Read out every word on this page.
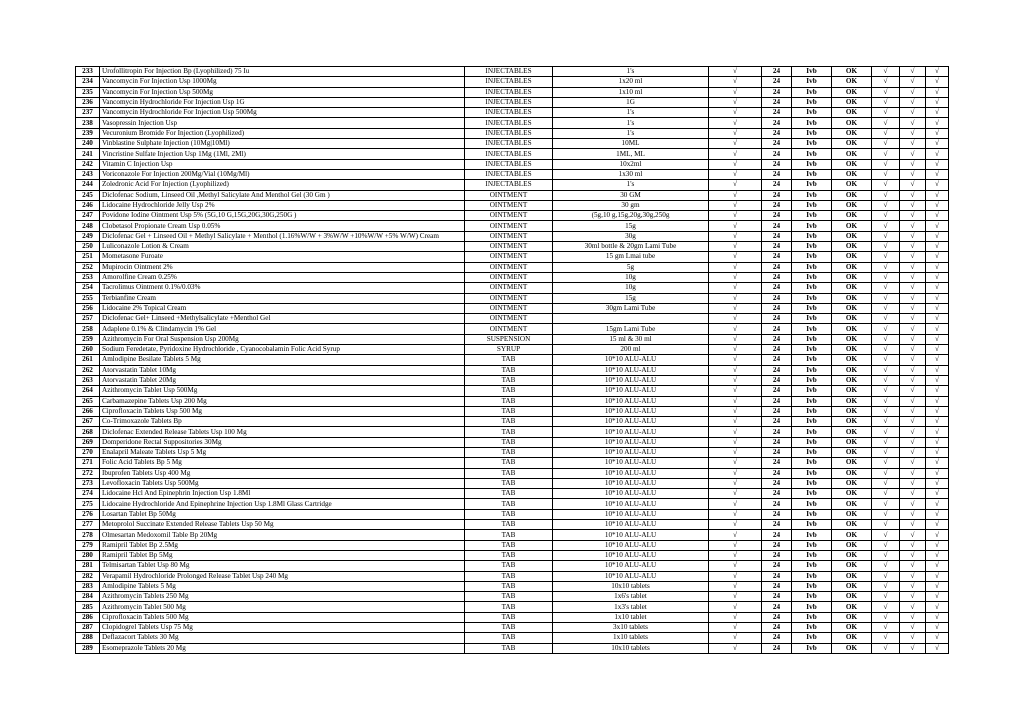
233	Urofollitropin For Injection Bp (Lyophilized) 75 Iu	INJECTABLES	1's	√	24	Ivb	OK	√	√	√
234	Vancomycin For Injection Usp 1000Mg	INJECTABLES	1x20 ml	√	24	Ivb	OK	√	√	√
235	Vancomycin For Injection Usp 500Mg	INJECTABLES	1x10 ml	√	24	Ivb	OK	√	√	√
236	Vancomycin Hydrochloride For Injection Usp 1G	INJECTABLES	1G	√	24	Ivb	OK	√	√	√
237	Vancomycin Hydrochloride For Injection Usp 500Mg	INJECTABLES	1's	√	24	Ivb	OK	√	√	√
238	Vasopressin Injection Usp	INJECTABLES	1's	√	24	Ivb	OK	√	√	√
239	Vecuronium Bromide For Injection (Lyophilized)	INJECTABLES	1's	√	24	Ivb	OK	√	√	√
240	Vinblastine Sulphate Injection (10Mg|10Ml)	INJECTABLES	10ML	√	24	Ivb	OK	√	√	√
241	Vincristine Sulfate Injection Usp 1Mg (1Ml, 2Ml)	INJECTABLES	1ML, ML	√	24	Ivb	OK	√	√	√
242	Vitamin C Injection Usp	INJECTABLES	10x2ml	√	24	Ivb	OK	√	√	√
243	Voriconazole For Injection 200Mg/Vial (10Mg/Ml)	INJECTABLES	1x30 ml	√	24	Ivb	OK	√	√	√
244	Zoledronic Acid For Injection (Lyophilized)	INJECTABLES	1's	√	24	Ivb	OK	√	√	√
245	Diclofenac Sodium, Linseed Oil ,Methyl Salicylate And Menthol Gel (30 Gm )	OINTMENT	30 GM	√	24	Ivb	OK	√	√	√
246	Lidocaine Hydrochloride Jelly Usp 2%	OINTMENT	30 gm	√	24	Ivb	OK	√	√	√
247	Povidone Iodine Ointment Usp 5% (5G,10 G,15G,20G,30G,250G )	OINTMENT	(5g,10 g,15g,20g,30g,250g	√	24	Ivb	OK	√	√	√
248	Clobetasol Propionate Cream Usp 0.05%	OINTMENT	15g	√	24	Ivb	OK	√	√	√
249	Diclofenac Gel + Linseed Oil + Methyl Salicylate + Menthol (1.16%W/W + 3%W/W +10%W/W +5% W/W) Cream	OINTMENT	30g	√	24	Ivb	OK	√	√	√
250	Luliconazole Lotion & Cream	OINTMENT	30ml bottle & 20gm Lami Tube	√	24	Ivb	OK	√	√	√
251	Mometasone Furoate	OINTMENT	15 gm Lmai tube	√	24	Ivb	OK	√	√	√
252	Mupirocin Ointment 2%	OINTMENT	5g	√	24	Ivb	OK	√	√	√
253	Amorolfine Cream 0.25%	OINTMENT	10g	√	24	Ivb	OK	√	√	√
254	Tacrolimus Ointment 0.1%/0.03%	OINTMENT	10g	√	24	Ivb	OK	√	√	√
255	Terbianfine Cream	OINTMENT	15g	√	24	Ivb	OK	√	√	√
256	Lidocaine 2% Topical Cream	OINTMENT	30gm Lami Tube	√	24	Ivb	OK	√	√	√
257	Diclofenac Gel+ Linseed +Methylsalicylate +Menthol Gel	OINTMENT		√	24	Ivb	OK	√	√	√
258	Adaplene 0.1% & Clindamycin 1% Gel	OINTMENT	15gm Lami Tube	√	24	Ivb	OK	√	√	√
259	Azithromycin For Oral Suspension Usp 200Mg	SUSPENSION	15 ml & 30 ml	√	24	Ivb	OK	√	√	√
260	Sodium Feredetate, Pyridoxine Hydrochloride , Cyanocobalamin Folic Acid Syrup	SYRUP	200 ml	√	24	Ivb	OK	√	√	√
261	Amlodipine Besilate Tablets 5 Mg	TAB	10*10 ALU-ALU	√	24	Ivb	OK	√	√	√
262	Atorvastatin Tablet 10Mg	TAB	10*10 ALU-ALU	√	24	Ivb	OK	√	√	√
263	Atorvastatin Tablet 20Mg	TAB	10*10 ALU-ALU	√	24	Ivb	OK	√	√	√
264	Azithromycin Tablet Usp 500Mg	TAB	10*10 ALU-ALU	√	24	Ivb	OK	√	√	√
265	Carbamazepine Tablets Usp 200 Mg	TAB	10*10 ALU-ALU	√	24	Ivb	OK	√	√	√
266	Ciprofloxacin Tablets Usp 500 Mg	TAB	10*10 ALU-ALU	√	24	Ivb	OK	√	√	√
267	Co-Trimoxazole Tablets Bp	TAB	10*10 ALU-ALU	√	24	Ivb	OK	√	√	√
268	Diclofenac Extended Release Tablets Usp 100 Mg	TAB	10*10 ALU-ALU	√	24	Ivb	OK	√	√	√
269	Domperidone Rectal Suppositories 30Mg	TAB	10*10 ALU-ALU	√	24	Ivb	OK	√	√	√
270	Enalapril Maleate Tablets Usp 5 Mg	TAB	10*10 ALU-ALU	√	24	Ivb	OK	√	√	√
271	Folic Acid Tablets Bp 5 Mg	TAB	10*10 ALU-ALU	√	24	Ivb	OK	√	√	√
272	Ibuprofen Tablets Usp 400 Mg	TAB	10*10 ALU-ALU	√	24	Ivb	OK	√	√	√
273	Levofloxacin Tablets Usp 500Mg	TAB	10*10 ALU-ALU	√	24	Ivb	OK	√	√	√
274	Lidocaine Hcl And Epinephrin Injection Usp 1.8Ml	TAB	10*10 ALU-ALU	√	24	Ivb	OK	√	√	√
275	Lidocaine Hydrochloride And Epinephrine Injection Usp 1.8Ml Glass Cartridge	TAB	10*10 ALU-ALU	√	24	Ivb	OK	√	√	√
276	Losartan Tablet Bp 50Mg	TAB	10*10 ALU-ALU	√	24	Ivb	OK	√	√	√
277	Metoprolol Succinate Extended Release Tablets Usp 50 Mg	TAB	10*10 ALU-ALU	√	24	Ivb	OK	√	√	√
278	Olmesartan Medoxomil Table Bp 20Mg	TAB	10*10 ALU-ALU	√	24	Ivb	OK	√	√	√
279	Ramipril Tablet Bp 2.5Mg	TAB	10*10 ALU-ALU	√	24	Ivb	OK	√	√	√
280	Ramipril Tablet Bp 5Mg	TAB	10*10 ALU-ALU	√	24	Ivb	OK	√	√	√
281	Telmisartan Tablet Usp 80 Mg	TAB	10*10 ALU-ALU	√	24	Ivb	OK	√	√	√
282	Verapamil Hydrochloride Prolonged Release Tablet Usp 240 Mg	TAB	10*10 ALU-ALU	√	24	Ivb	OK	√	√	√
283	Amlodipine Tablets 5 Mg	TAB	10x10 tablets	√	24	Ivb	OK	√	√	√
284	Azithromycin Tablets 250 Mg	TAB	1x6's tablet	√	24	Ivb	OK	√	√	√
285	Azithromycin Tablet 500 Mg	TAB	1x3's tablet	√	24	Ivb	OK	√	√	√
286	Ciprofloxacin Tablets 500 Mg	TAB	1x10 tablet	√	24	Ivb	OK	√	√	√
287	Clopidogrel Tablets Usp 75 Mg	TAB	3x10 tablets	√	24	Ivb	OK	√	√	√
288	Deflazacort Tablets 30 Mg	TAB	1x10 tablets	√	24	Ivb	OK	√	√	√
289	Esomeprazole Tablets 20 Mg	TAB	10x10 tablets	√	24	Ivb	OK	√	√	√
